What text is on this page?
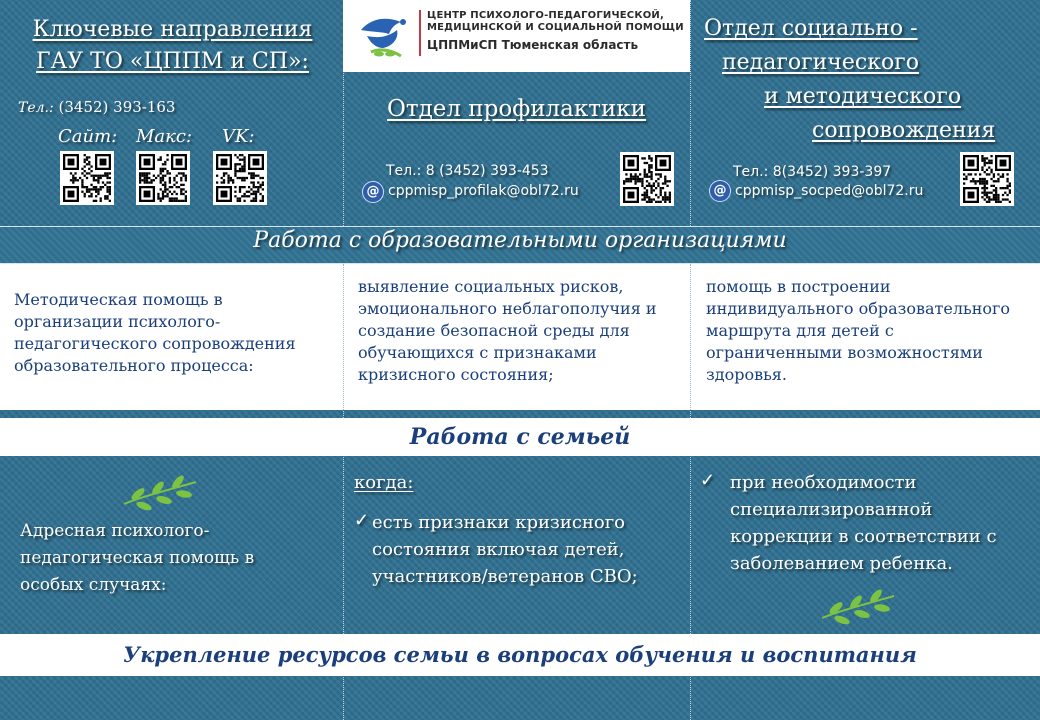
Ключевые направления
ГАУ ТО «ЦППМ и СП»:
Тел.: (3452) 393-163
Сайт: Макс: VK:
ЦЕНТР ПСИХОЛОГО-ПЕДАГОГИЧЕСКОЙ,
МЕДИЦИНСКОЙ И СОЦИАЛЬНОЙ ПОМОЩИ
ЦППМиСП Тюменская область
Отдел профилактики
Тел.: 8 (3452) 393-453
@ cppmisp_profilak@obl72.ru
Отдел социально -
педагогического
и методического
сопровождения
Тел.: 8(3452) 393-397
@ cppmisp_socped@obl72.ru
Работа с образовательными организациями
Методическая помощь в организации психолого-педагогического сопровождения образовательного процесса:
выявление социальных рисков, эмоционального неблагополучия и создание безопасной среды для обучающихся с признаками кризисного состояния;
помощь в построении индивидуального образовательного маршрута для детей с ограниченными возможностями здоровья.
Работа с семьей
Адресная психолого-педагогическая помощь в особых случаях:
когда:
✓ есть признаки кризисного состояния включая детей, участников/ветеранов СВО;
✓ при необходимости специализированной коррекции в соответствии с заболеванием ребенка.
Укрепление ресурсов семьи в вопросах обучения и воспитания
